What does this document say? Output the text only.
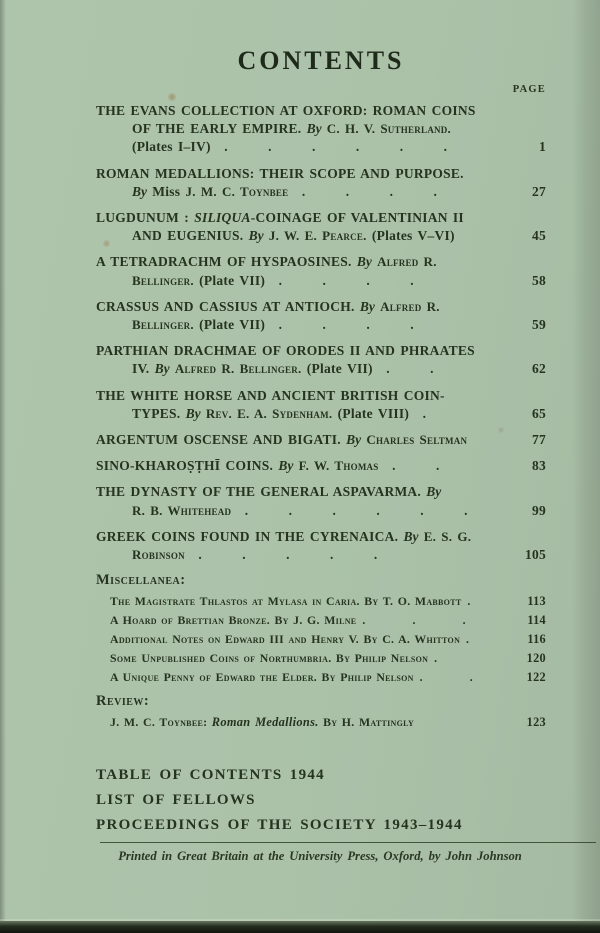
CONTENTS
PAGE
THE EVANS COLLECTION AT OXFORD: ROMAN COINS
OF THE EARLY EMPIRE. By C. H. V. Sutherland.
(Plates I–IV) .   .   .   .   .   .	1
ROMAN MEDALLIONS: THEIR SCOPE AND PURPOSE.
By Miss J. M. C. Toynbee .   .   .   .	27
LUGDUNUM : SILIQUA-COINAGE OF VALENTINIAN II
AND EUGENIUS. By J. W. E. Pearce. (Plates V–VI)	45
A TETRADRACHM OF HYSPAOSINES. By Alfred R.
Bellinger. (Plate VII) .   .   .   .	58
CRASSUS AND CASSIUS AT ANTIOCH. By Alfred R.
Bellinger. (Plate VII) .   .   .   .	59
PARTHIAN DRACHMAE OF ORODES II AND PHRAATES
IV. By Alfred R. Bellinger. (Plate VII) .   .	62
THE WHITE HORSE AND ANCIENT BRITISH COIN-
TYPES. By Rev. E. A. Sydenham. (Plate VIII) .	65
ARGENTUM OSCENSE AND BIGATI. By Charles Seltman	77
SINO-KHAROṢṬHĪ COINS. By F. W. Thomas .   .	83
THE DYNASTY OF THE GENERAL ASPAVARMA. By
R. B. Whitehead .   .   .   .   .   .	99
GREEK COINS FOUND IN THE CYRENAICA. By E. S. G.
Robinson .   .   .   .   .	105
Miscellanea:
The Magistrate Thlastos at Mylasa in Caria. By T. O. Mabbott .	113
A Hoard of Brettian Bronze. By J. G. Milne .    .    .	114
Additional Notes on Edward III and Henry V. By C. A. Whitton .	116
Some Unpublished Coins of Northumbria. By Philip Nelson .	120
A Unique Penny of Edward the Elder. By Philip Nelson .    .	122
Review:
J. M. C. Toynbee: Roman Medallions. By H. Mattingly	123
TABLE OF CONTENTS 1944
LIST OF FELLOWS
PROCEEDINGS OF THE SOCIETY 1943–1944
Printed in Great Britain at the University Press, Oxford, by John Johnson
